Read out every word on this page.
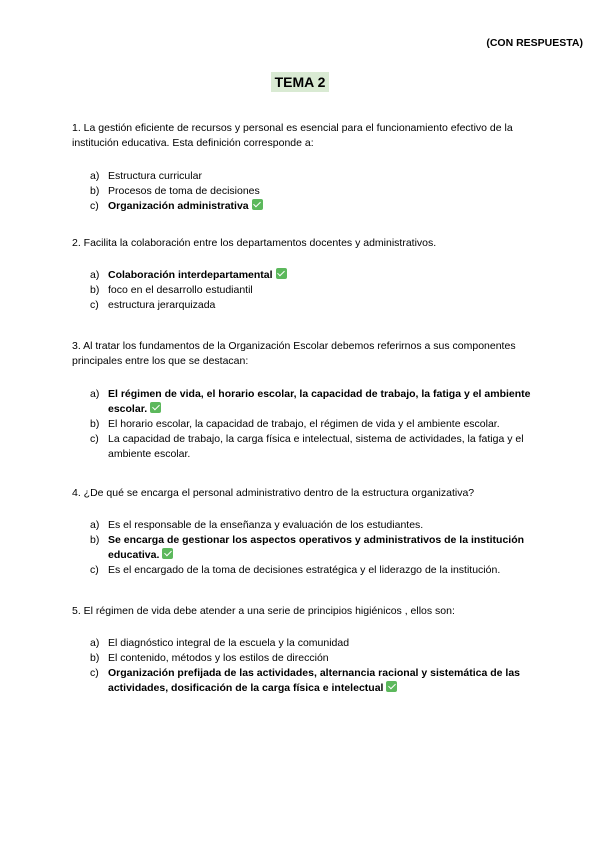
(CON RESPUESTA)
TEMA 2

1. La gestión eficiente de recursos y personal es esencial para el funcionamiento efectivo de la institución educativa. Esta definición corresponde a:

a) Estructura curricular
b) Procesos de toma de decisiones
c) Organización administrativa

2. Facilita la colaboración entre los departamentos docentes y administrativos.

a) Colaboración interdepartamental
b) foco en el desarrollo estudiantil
c) estructura jerarquizada

3. Al tratar los fundamentos de la Organización Escolar debemos referirnos a sus componentes principales entre los que se destacan:

a) El régimen de vida, el horario escolar, la capacidad de trabajo, la fatiga y el ambiente escolar.
b) El horario escolar, la capacidad de trabajo, el régimen de vida y el ambiente escolar.
c) La capacidad de trabajo, la carga física e intelectual, sistema de actividades, la fatiga y el ambiente escolar.

4. ¿De qué se encarga el personal administrativo dentro de la estructura organizativa?

a) Es el responsable de la enseñanza y evaluación de los estudiantes.
b) Se encarga de gestionar los aspectos operativos y administrativos de la institución educativa.
c) Es el encargado de la toma de decisiones estratégica y el liderazgo de la institución.

5. El régimen de vida debe atender a una serie de principios higiénicos , ellos son:

a) El diagnóstico integral de la escuela y la comunidad
b) El contenido, métodos y los estilos de dirección
c) Organización prefijada de las actividades, alternancia racional y sistemática de las actividades, dosificación de la carga física e intelectual
